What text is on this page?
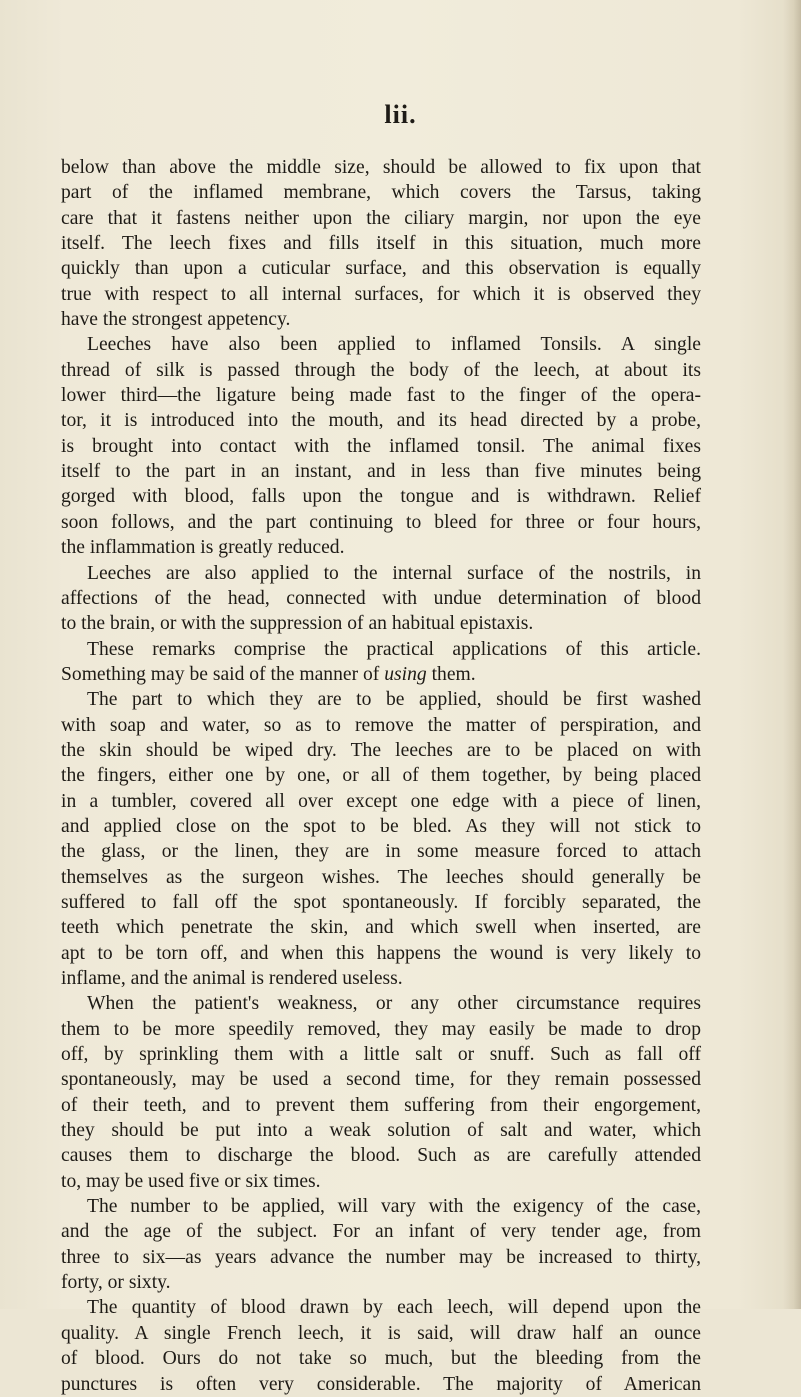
lii.
below than above the middle size, should be allowed to fix upon that
part of the inflamed membrane, which covers the Tarsus, taking
care that it fastens neither upon the ciliary margin, nor upon the eye
itself. The leech fixes and fills itself in this situation, much more
quickly than upon a cuticular surface, and this observation is equally
true with respect to all internal surfaces, for which it is observed they
have the strongest appetency.
Leeches have also been applied to inflamed Tonsils. A single
thread of silk is passed through the body of the leech, at about its
lower third—the ligature being made fast to the finger of the opera-
tor, it is introduced into the mouth, and its head directed by a probe,
is brought into contact with the inflamed tonsil. The animal fixes
itself to the part in an instant, and in less than five minutes being
gorged with blood, falls upon the tongue and is withdrawn. Relief
soon follows, and the part continuing to bleed for three or four hours,
the inflammation is greatly reduced.
Leeches are also applied to the internal surface of the nostrils, in
affections of the head, connected with undue determination of blood
to the brain, or with the suppression of an habitual epistaxis.
These remarks comprise the practical applications of this article.
Something may be said of the manner of using them.
The part to which they are to be applied, should be first washed
with soap and water, so as to remove the matter of perspiration, and
the skin should be wiped dry. The leeches are to be placed on with
the fingers, either one by one, or all of them together, by being placed
in a tumbler, covered all over except one edge with a piece of linen,
and applied close on the spot to be bled. As they will not stick to
the glass, or the linen, they are in some measure forced to attach
themselves as the surgeon wishes. The leeches should generally be
suffered to fall off the spot spontaneously. If forcibly separated, the
teeth which penetrate the skin, and which swell when inserted, are
apt to be torn off, and when this happens the wound is very likely to
inflame, and the animal is rendered useless.
When the patient's weakness, or any other circumstance requires
them to be more speedily removed, they may easily be made to drop
off, by sprinkling them with a little salt or snuff. Such as fall off
spontaneously, may be used a second time, for they remain possessed
of their teeth, and to prevent them suffering from their engorgement,
they should be put into a weak solution of salt and water, which
causes them to discharge the blood. Such as are carefully attended
to, may be used five or six times.
The number to be applied, will vary with the exigency of the case,
and the age of the subject. For an infant of very tender age, from
three to six—as years advance the number may be increased to thirty,
forty, or sixty.
The quantity of blood drawn by each leech, will depend upon the
quality. A single French leech, it is said, will draw half an ounce
of blood. Ours do not take so much, but the bleeding from the
punctures is often very considerable. The majority of American
